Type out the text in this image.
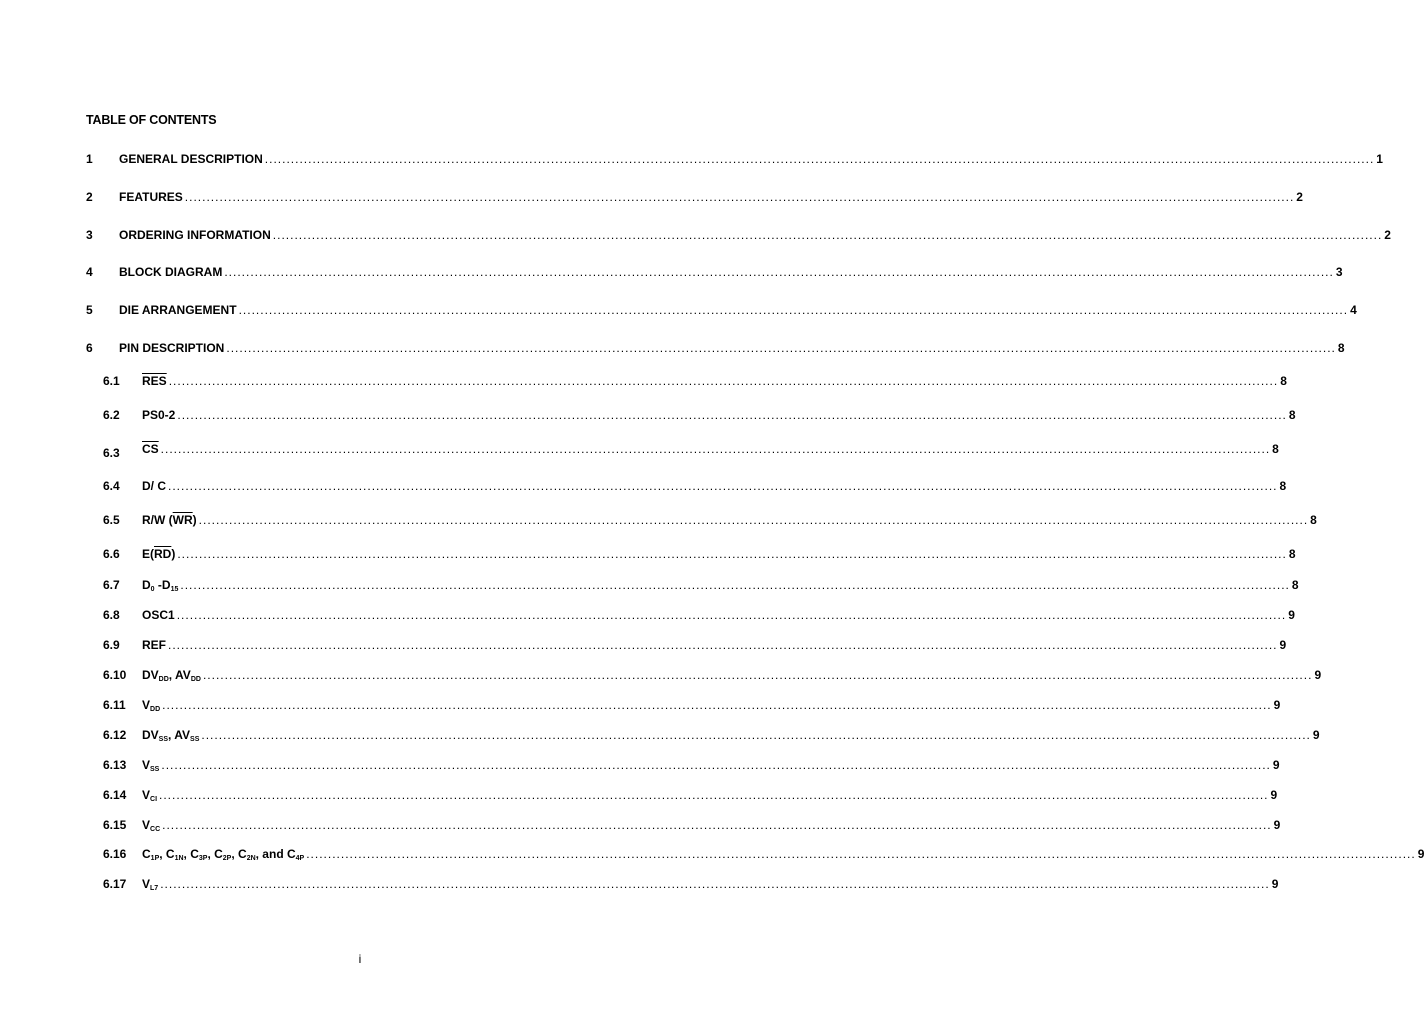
TABLE OF CONTENTS
1	GENERAL DESCRIPTION ................................................................................................................................................................................................................................................................ 1
2	FEATURES ................................................................................................................................................................................................................................................................ 2
3	ORDERING INFORMATION ................................................................................................................................................................................................................................................................ 2
4	BLOCK DIAGRAM ................................................................................................................................................................................................................................................................ 3
5	DIE ARRANGEMENT ................................................................................................................................................................................................................................................................ 4
6	PIN DESCRIPTION ................................................................................................................................................................................................................................................................ 8
6.1	$\overline{RES}$ ................................................................................................................................................................................................................................................................ 8
6.2	PS0-2 ................................................................................................................................................................................................................................................................ 8
6.3	$\overline{CS}$ ................................................................................................................................................................................................................................................................ 8
6.4	D/ C ................................................................................................................................................................................................................................................................ 8
6.5	R/W $(\overline{WR})$ ................................................................................................................................................................................................................................................................ 8
6.6	$E(\overline{RD})$ ................................................................................................................................................................................................................................................................ 8
6.7	$D_0$ $-D_{15}$ ................................................................................................................................................................................................................................................................ 8
6.8	OSC1 ................................................................................................................................................................................................................................................................ 9
6.9	REF ................................................................................................................................................................................................................................................................ 9
6.10	$DV_{DD}$, $AV_{DD}$ ................................................................................................................................................................................................................................................................ 9
6.11	$V_{DD}$ ................................................................................................................................................................................................................................................................ 9
6.12	$DV_{SS}$, $AV_{SS}$ ................................................................................................................................................................................................................................................................ 9
6.13	$V_{SS}$ ................................................................................................................................................................................................................................................................ 9
6.14	$V_{CI}$ ................................................................................................................................................................................................................................................................ 9
6.15	$V_{CC}$ ................................................................................................................................................................................................................................................................ 9
6.16	$C_{1P}$, $C_{1N}$, $C_{3P}$, $C_{2P}$, $C_{2N}$, and $C_{4P}$ ................................................................................................................................................................................................................................................................ 9
6.17	$V_{L7}$ ................................................................................................................................................................................................................................................................ 9
i
